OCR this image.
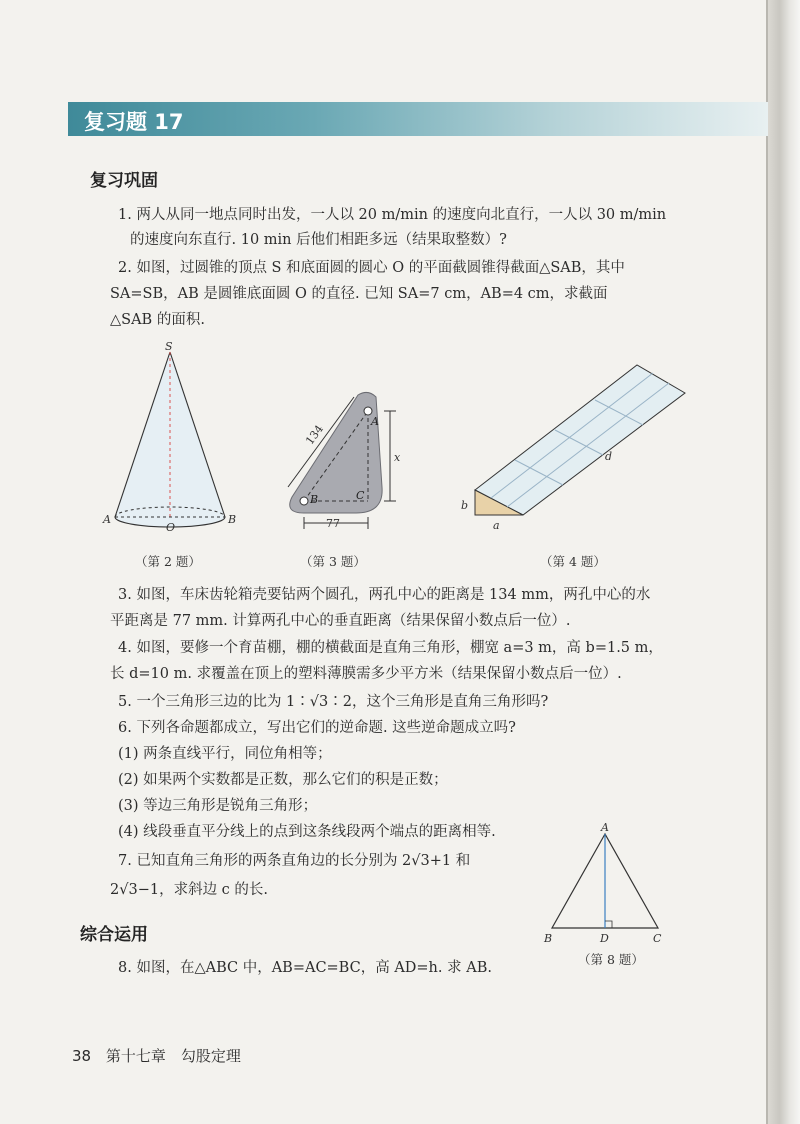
复习题 17
复习巩固
1. 两人从同一地点同时出发，一人以 20 m/min 的速度向北直行，一人以 30 m/min
的速度向东直行. 10 min 后他们相距多远（结果取整数）?
2. 如图，过圆锥的顶点 S 和底面圆的圆心 O 的平面截圆锥得截面△SAB，其中
SA=SB，AB 是圆锥底面圆 O 的直径. 已知 SA=7 cm，AB=4 cm，求截面
△SAB 的面积.
S
A
O
B
（第 2 题）
134
x
77
A
B	C
（第 3 题）
d
b
a
（第 4 题）
3. 如图，车床齿轮箱壳要钻两个圆孔，两孔中心的距离是 134 mm，两孔中心的水
平距离是 77 mm. 计算两孔中心的垂直距离（结果保留小数点后一位）.
4. 如图，要修一个育苗棚，棚的横截面是直角三角形，棚宽 a=3 m，高 b=1.5 m，
长 d=10 m. 求覆盖在顶上的塑料薄膜需多少平方米（结果保留小数点后一位）.
5. 一个三角形三边的比为 1∶√3∶2，这个三角形是直角三角形吗?
6. 下列各命题都成立，写出它们的逆命题. 这些逆命题成立吗?
(1) 两条直线平行，同位角相等；
(2) 如果两个实数都是正数，那么它们的积是正数；
(3) 等边三角形是锐角三角形；
(4) 线段垂直平分线上的点到这条线段两个端点的距离相等.
7. 已知直角三角形的两条直角边的长分别为 2√3+1 和
2√3−1，求斜边 c 的长.
综合运用
8. 如图，在△ABC 中，AB=AC=BC，高 AD=h. 求 AB.
A
B	D	C
（第 8 题）
38 第十七章　勾股定理
